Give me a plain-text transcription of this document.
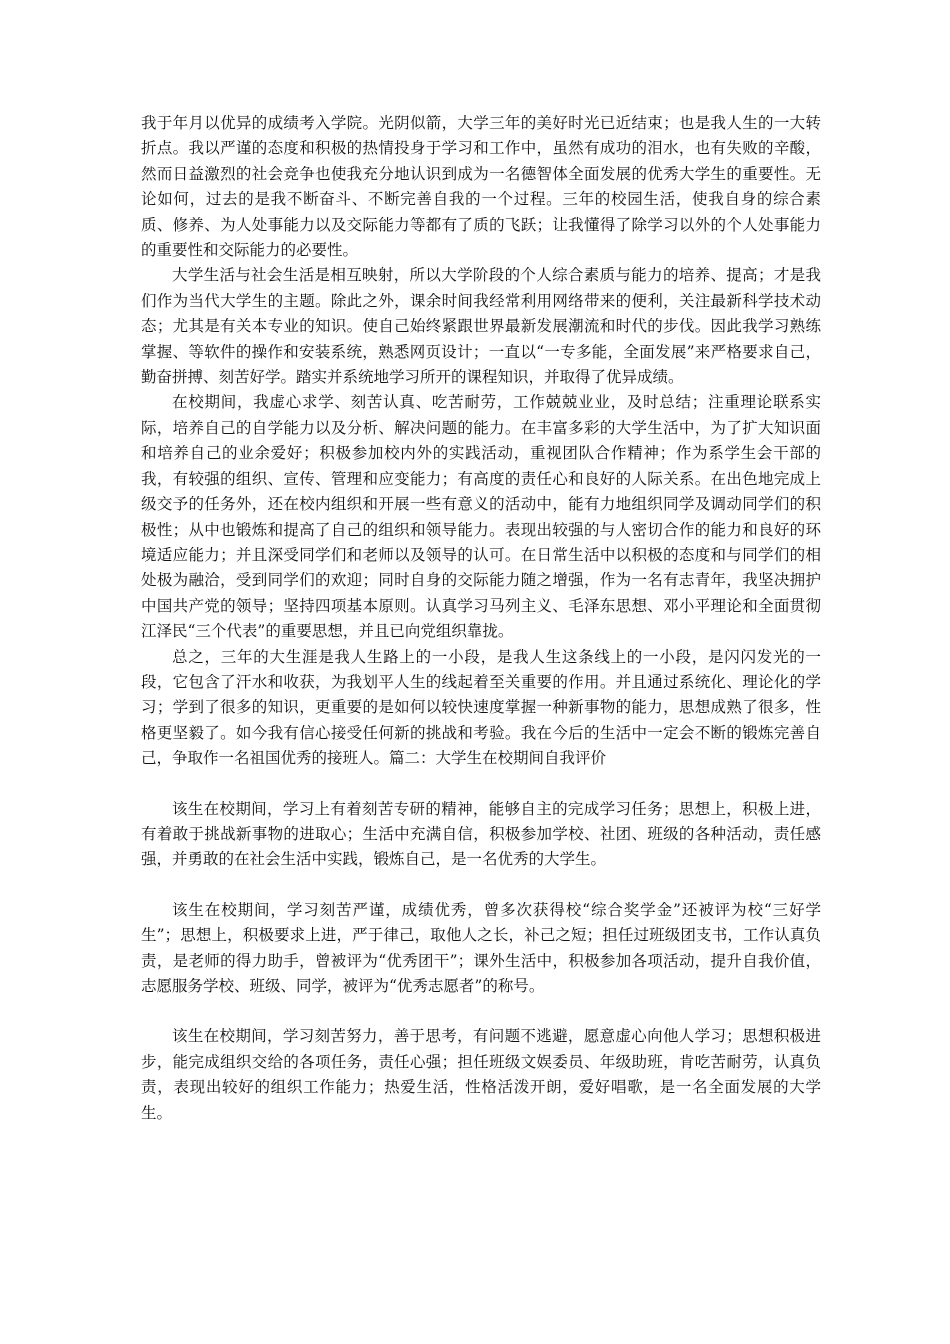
我于年月以优异的成绩考入学院。光阴似箭，大学三年的美好时光已近结束；也是我人生的一大转折点。我以严谨的态度和积极的热情投身于学习和工作中，虽然有成功的泪水，也有失败的辛酸，然而日益激烈的社会竞争也使我充分地认识到成为一名德智体全面发展的优秀大学生的重要性。无论如何，过去的是我不断奋斗、不断完善自我的一个过程。三年的校园生活，使我自身的综合素质、修养、为人处事能力以及交际能力等都有了质的飞跃；让我懂得了除学习以外的个人处事能力的重要性和交际能力的必要性。

大学生活与社会生活是相互映射，所以大学阶段的个人综合素质与能力的培养、提高；才是我们作为当代大学生的主题。除此之外，课余时间我经常利用网络带来的便利，关注最新科学技术动态；尤其是有关本专业的知识。使自己始终紧跟世界最新发展潮流和时代的步伐。因此我学习熟练掌握、等软件的操作和安装系统，熟悉网页设计；一直以“一专多能，全面发展”来严格要求自己，勤奋拼搏、刻苦好学。踏实并系统地学习所开的课程知识，并取得了优异成绩。

在校期间，我虚心求学、刻苦认真、吃苦耐劳，工作兢兢业业，及时总结；注重理论联系实际，培养自己的自学能力以及分析、解决问题的能力。在丰富多彩的大学生活中，为了扩大知识面和培养自己的业余爱好；积极参加校内外的实践活动，重视团队合作精神；作为系学生会干部的我，有较强的组织、宣传、管理和应变能力；有高度的责任心和良好的人际关系。在出色地完成上级交予的任务外，还在校内组织和开展一些有意义的活动中，能有力地组织同学及调动同学们的积极性；从中也锻炼和提高了自己的组织和领导能力。表现出较强的与人密切合作的能力和良好的环境适应能力；并且深受同学们和老师以及领导的认可。在日常生活中以积极的态度和与同学们的相处极为融洽，受到同学们的欢迎；同时自身的交际能力随之增强，作为一名有志青年，我坚决拥护中国共产党的领导；坚持四项基本原则。认真学习马列主义、毛泽东思想、邓小平理论和全面贯彻江泽民“三个代表”的重要思想，并且已向党组织靠拢。

总之，三年的大生涯是我人生路上的一小段，是我人生这条线上的一小段，是闪闪发光的一段，它包含了汗水和收获，为我划平人生的线起着至关重要的作用。并且通过系统化、理论化的学习；学到了很多的知识，更重要的是如何以较快速度掌握一种新事物的能力，思想成熟了很多，性格更坚毅了。如今我有信心接受任何新的挑战和考验。我在今后的生活中一定会不断的锻炼完善自己，争取作一名祖国优秀的接班人。篇二：大学生在校期间自我评价

该生在校期间，学习上有着刻苦专研的精神，能够自主的完成学习任务；思想上，积极上进，有着敢于挑战新事物的进取心；生活中充满自信，积极参加学校、社团、班级的各种活动，责任感强，并勇敢的在社会生活中实践，锻炼自己，是一名优秀的大学生。

该生在校期间，学习刻苦严谨，成绩优秀，曾多次获得校“综合奖学金”还被评为校“三好学生”；思想上，积极要求上进，严于律己，取他人之长，补己之短；担任过班级团支书，工作认真负责，是老师的得力助手，曾被评为“优秀团干”；课外生活中，积极参加各项活动，提升自我价值，志愿服务学校、班级、同学，被评为“优秀志愿者”的称号。

该生在校期间，学习刻苦努力，善于思考，有问题不逃避，愿意虚心向他人学习；思想积极进步，能完成组织交给的各项任务，责任心强；担任班级文娱委员、年级助班，肯吃苦耐劳，认真负责，表现出较好的组织工作能力；热爱生活，性格活泼开朗，爱好唱歌，是一名全面发展的大学生。
